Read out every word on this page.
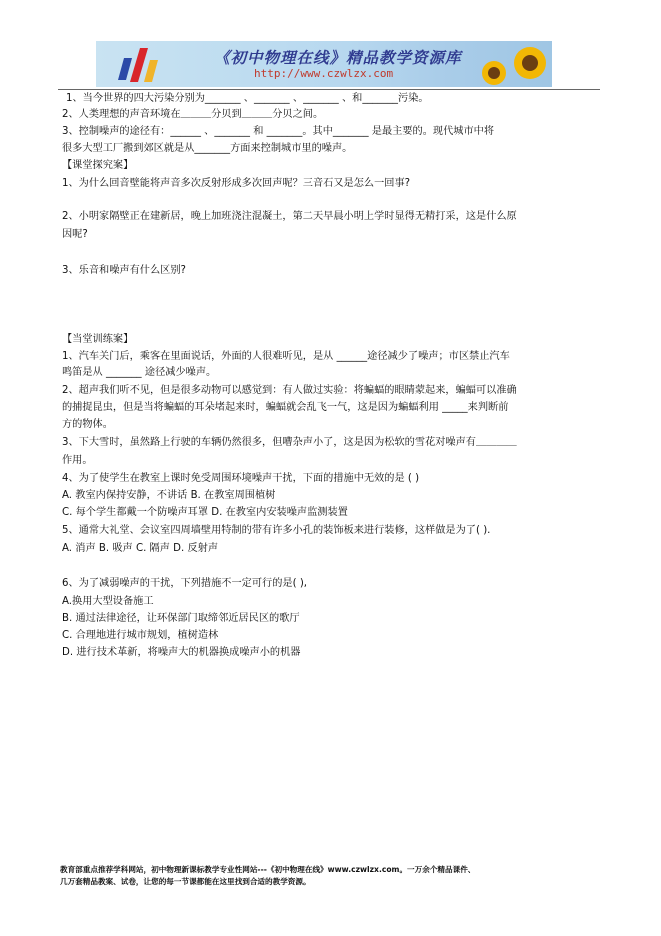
《初中物理在线》精品教学资源库
http://www.czwlzx.com
1、当今世界的四大污染分别为_______ 、_______ 、_______ 、和_______污染。
2、人类理想的声音环境在＿＿＿分贝到＿＿＿分贝之间。
3、控制噪声的途径有：______ 、_______ 和 _______。其中_______ 是最主要的。现代城市中将
很多大型工厂搬到郊区就是从_______方面来控制城市里的噪声。
【课堂探究案】
1、为什么回音壁能将声音多次反射形成多次回声呢？三音石又是怎么一回事?
2、小明家隔壁正在建新居，晚上加班浇注混凝土，第二天早晨小明上学时显得无精打采，这是什么原
因呢?
3、乐音和噪声有什么区别?
【当堂训练案】
1、汽车关门后，乘客在里面说话，外面的人很难听见，是从 ______途径减少了噪声；市区禁止汽车
鸣笛是从 _______ 途径减少噪声。
2、超声我们听不见，但是很多动物可以感觉到：有人做过实验：将蝙蝠的眼睛蒙起来，蝙蝠可以准确
的捕捉昆虫，但是当将蝙蝠的耳朵堵起来时，蝙蝠就会乱飞一气，这是因为蝙蝠利用 _____来判断前
方的物体。
3、下大雪时，虽然路上行驶的车辆仍然很多，但嘈杂声小了，这是因为松软的雪花对噪声有＿＿＿＿
作用。
4、为了使学生在教室上课时免受周围环境噪声干扰，下面的措施中无效的是 ( )
A. 教室内保持安静，不讲话 B. 在教室周围植树
C. 每个学生都戴一个防噪声耳罩 D. 在教室内安装噪声监测装置
5、通常大礼堂、会议室四周墙壁用特制的带有许多小孔的装饰板来进行装修，这样做是为了( ).
A. 消声 B. 吸声 C. 隔声 D. 反射声
6、为了减弱噪声的干扰，下列措施不一定可行的是( ),
A.换用大型设备施工
B. 通过法律途径，让环保部门取缔邻近居民区的歌厅
C. 合理地进行城市规划，植树造林
D. 进行技术革新，将噪声大的机器换成噪声小的机器
教育部重点推荐学科网站，初中物理新课标教学专业性网站---《初中物理在线》www.czwlzx.com。一万余个精品课件、
几万套精品教案、试卷，让您的每一节课都能在这里找到合适的教学资源。
